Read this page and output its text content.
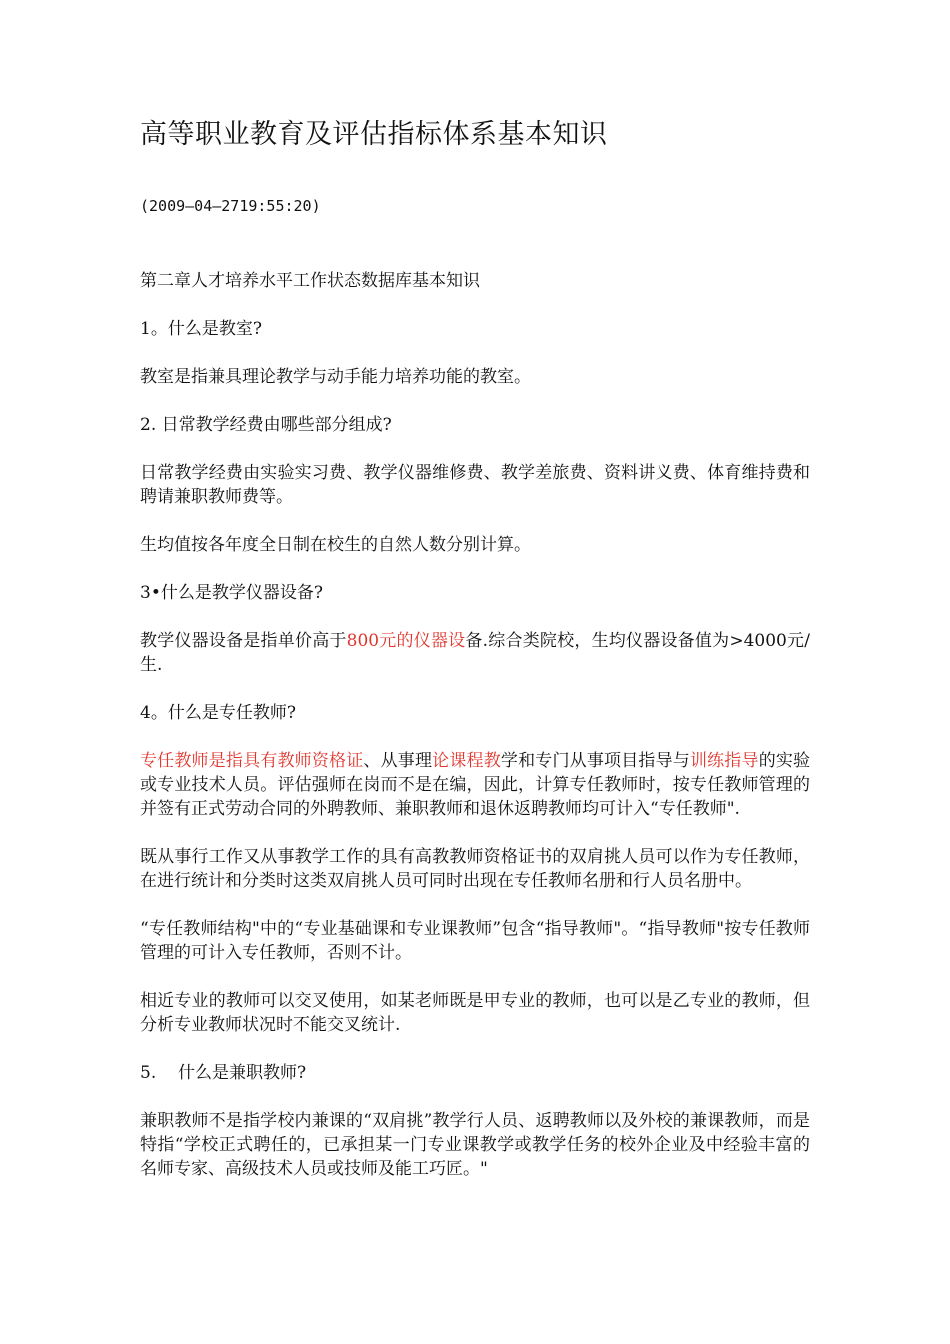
高等职业教育及评估指标体系基本知识
(2009—04—2719:55:20)

第二章人才培养水平工作状态数据库基本知识

1。什么是教室?

教室是指兼具理论教学与动手能力培养功能的教室。

2. 日常教学经费由哪些部分组成?

日常教学经费由实验实习费、教学仪器维修费、教学差旅费、资料讲义费、体育维持费和聘请兼职教师费等。

生均值按各年度全日制在校生的自然人数分别计算。

3•什么是教学仪器设备?

教学仪器设备是指单价高于800元的仪器设备.综合类院校，生均仪器设备值为>4000元/生.

4。什么是专任教师?

专任教师是指具有教师资格证、从事理论课程教学和专门从事项目指导与训练指导的实验或专业技术人员。评估强师在岗而不是在编，因此，计算专任教师时，按专任教师管理的并签有正式劳动合同的外聘教师、兼职教师和退休返聘教师均可计入“专任教师".

既从事行工作又从事教学工作的具有高教教师资格证书的双肩挑人员可以作为专任教师，在进行统计和分类时这类双肩挑人员可同时出现在专任教师名册和行人员名册中。

“专任教师结构"中的“专业基础课和专业课教师”包含“指导教师"。“指导教师"按专任教师管理的可计入专任教师，否则不计。

相近专业的教师可以交叉使用，如某老师既是甲专业的教师，也可以是乙专业的教师，但分析专业教师状况时不能交叉统计.

5. 什么是兼职教师?

兼职教师不是指学校内兼课的“双肩挑”教学行人员、返聘教师以及外校的兼课教师，而是特指“学校正式聘任的，已承担某一门专业课教学或教学任务的校外企业及中经验丰富的名师专家、高级技术人员或技师及能工巧匠。"
